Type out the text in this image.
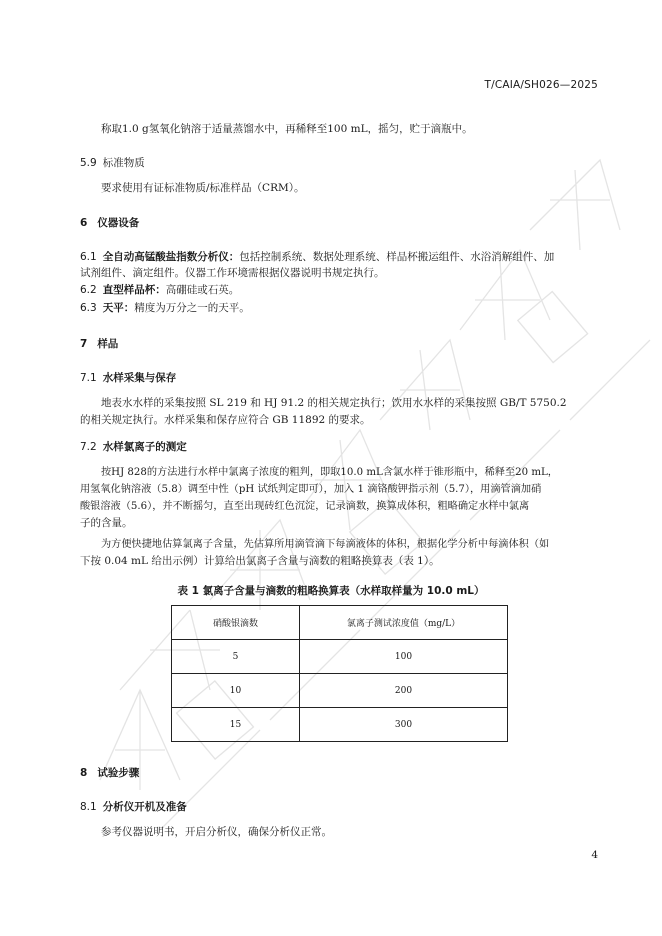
T/CAIA/SH026—2025
称取1.0 g氢氧化钠溶于适量蒸馏水中，再稀释至100 mL，摇匀，贮于滴瓶中。
5.9 标准物质
要求使用有证标准物质/标准样品（CRM）。
6 仪器设备
6.1 全自动高锰酸盐指数分析仪：包括控制系统、数据处理系统、样品杯搬运组件、水浴消解组件、加
试剂组件、滴定组件。仪器工作环境需根据仪器说明书规定执行。
6.2 直型样品杯：高硼硅或石英。
6.3 天平：精度为万分之一的天平。
7 样品
7.1 水样采集与保存
地表水水样的采集按照 SL 219 和 HJ 91.2 的相关规定执行；饮用水水样的采集按照 GB/T 5750.2
的相关规定执行。水样采集和保存应符合 GB 11892 的要求。
7.2 水样氯离子的测定
按HJ 828的方法进行水样中氯离子浓度的粗判，即取10.0 mL含氯水样于锥形瓶中，稀释至20 mL，
用氢氧化钠溶液（5.8）调至中性（pH 试纸判定即可），加入 1 滴铬酸钾指示剂（5.7），用滴管滴加硝
酸银溶液（5.6），并不断摇匀，直至出现砖红色沉淀，记录滴数，换算成体积，粗略确定水样中氯离
子的含量。
为方便快捷地估算氯离子含量，先估算所用滴管滴下每滴液体的体积，根据化学分析中每滴体积（如
下按 0.04 mL 给出示例）计算给出氯离子含量与滴数的粗略换算表（表 1）。
表 1 氯离子含量与滴数的粗略换算表（水样取样量为 10.0 mL）
硝酸银滴数	氯离子测试浓度值（mg/L）
5	100
10	200
15	300
8 试验步骤
8.1 分析仪开机及准备
参考仪器说明书，开启分析仪，确保分析仪正常。
4
